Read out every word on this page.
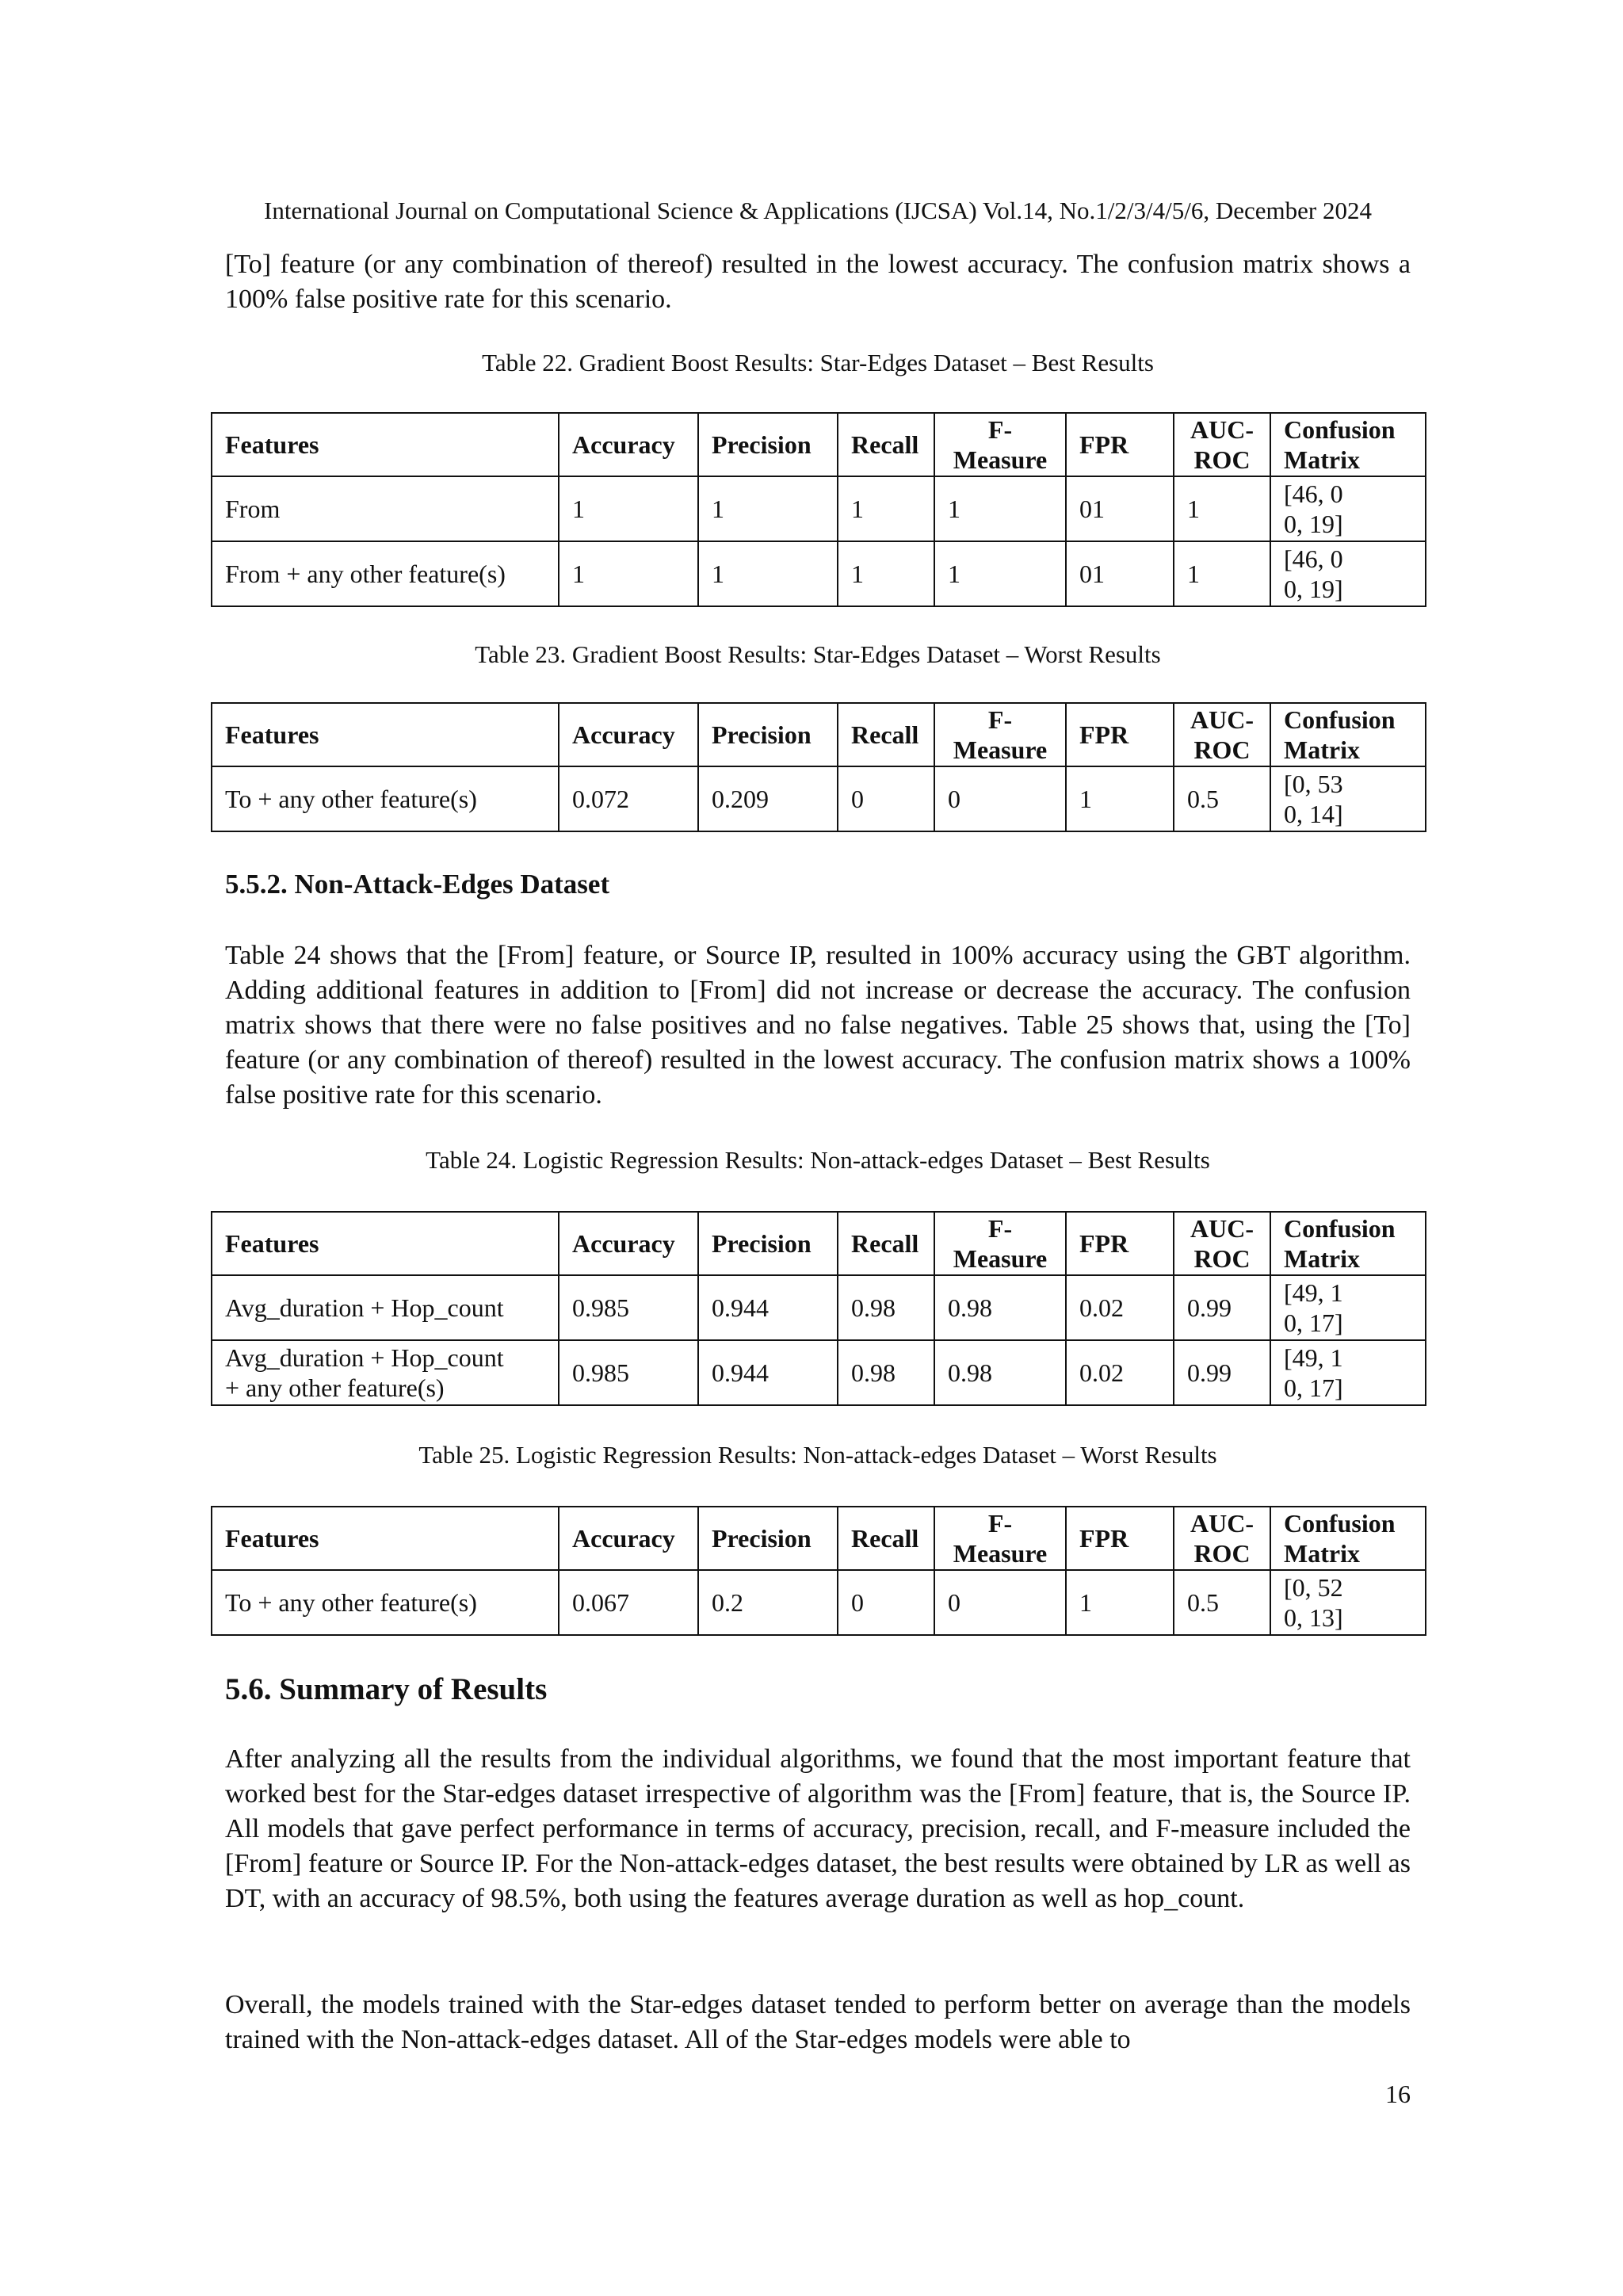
International Journal on Computational Science & Applications (IJCSA) Vol.14, No.1/2/3/4/5/6, December 2024

[To] feature (or any combination of thereof) resulted in the lowest accuracy. The confusion matrix shows a 100% false positive rate for this scenario.

Table 22. Gradient Boost Results: Star-Edges Dataset – Best Results

Features	Accuracy	Precision	Recall	F-
Measure	FPR	AUC-
ROC	Confusion
Matrix
From	1	1	1	1	01	1	[46, 0
0, 19]
From + any other feature(s)	1	1	1	1	01	1	[46, 0
0, 19]

Table 23. Gradient Boost Results: Star-Edges Dataset – Worst Results

Features	Accuracy	Precision	Recall	F-
Measure	FPR	AUC-
ROC	Confusion
Matrix
To + any other feature(s)	0.072	0.209	0	0	1	0.5	[0, 53
0, 14]

5.5.2. Non-Attack-Edges Dataset

Table 24 shows that the [From] feature, or Source IP, resulted in 100% accuracy using the GBT algorithm. Adding additional features in addition to [From] did not increase or decrease the accuracy. The confusion matrix shows that there were no false positives and no false negatives. Table 25 shows that, using the [To] feature (or any combination of thereof) resulted in the lowest accuracy. The confusion matrix shows a 100% false positive rate for this scenario.

Table 24. Logistic Regression Results: Non-attack-edges Dataset – Best Results

Features	Accuracy	Precision	Recall	F-
Measure	FPR	AUC-
ROC	Confusion
Matrix
Avg_duration + Hop_count	0.985	0.944	0.98	0.98	0.02	0.99	[49, 1
0, 17]
Avg_duration + Hop_count
+ any other feature(s)	0.985	0.944	0.98	0.98	0.02	0.99	[49, 1
0, 17]

Table 25. Logistic Regression Results: Non-attack-edges Dataset – Worst Results

Features	Accuracy	Precision	Recall	F-
Measure	FPR	AUC-
ROC	Confusion
Matrix
To + any other feature(s)	0.067	0.2	0	0	1	0.5	[0, 52
0, 13]

5.6. Summary of Results

After analyzing all the results from the individual algorithms, we found that the most important feature that worked best for the Star-edges dataset irrespective of algorithm was the [From] feature, that is, the Source IP. All models that gave perfect performance in terms of accuracy, precision, recall, and F-measure included the [From] feature or Source IP. For the Non-attack-edges dataset, the best results were obtained by LR as well as DT, with an accuracy of 98.5%, both using the features average duration as well as hop_count.

Overall, the models trained with the Star-edges dataset tended to perform better on average than the models trained with the Non-attack-edges dataset. All of the Star-edges models were able to

16
